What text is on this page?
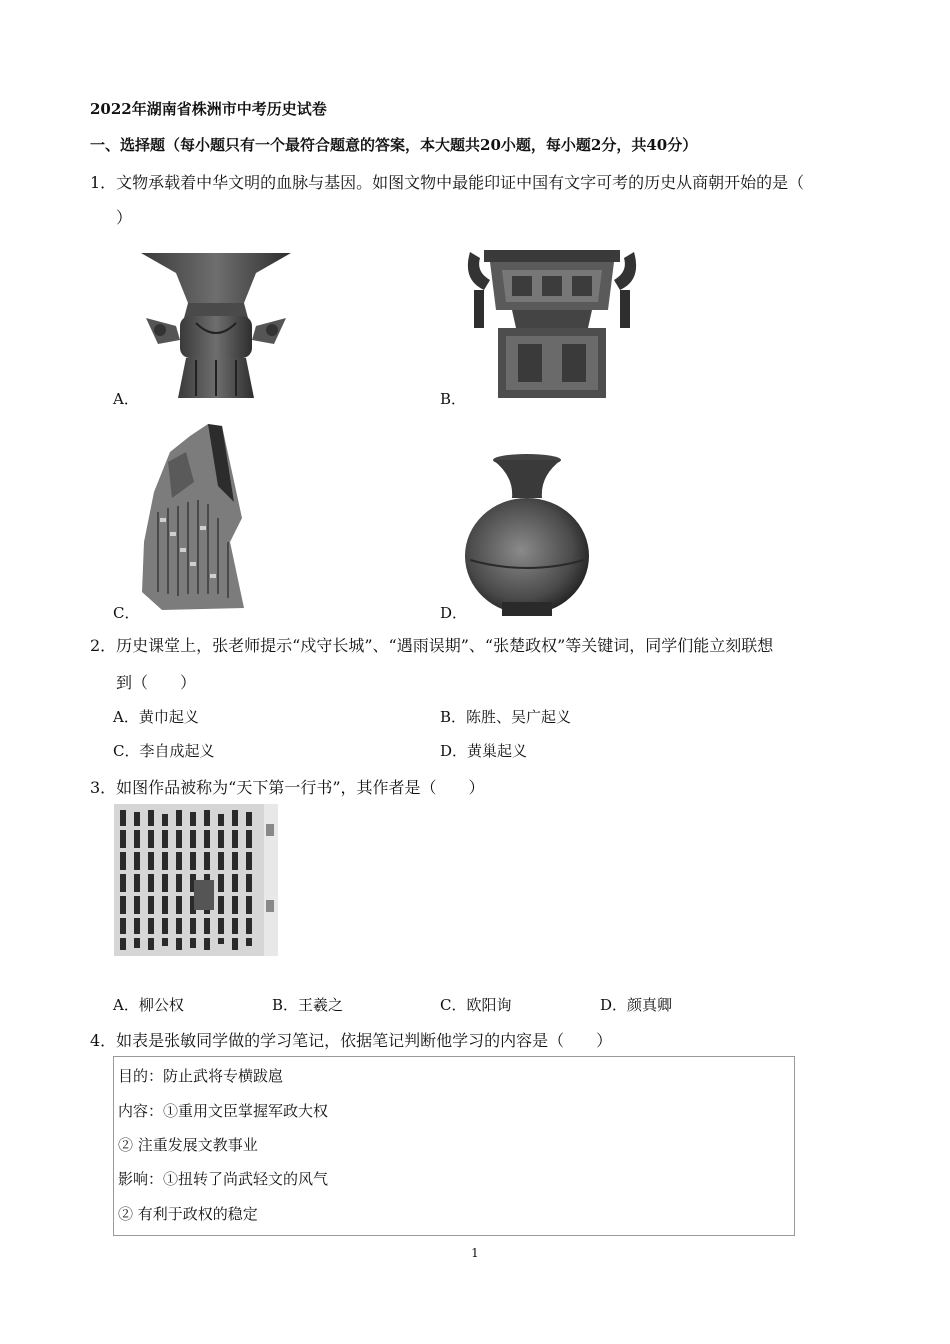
2022年湖南省株洲市中考历史试卷
一、选择题（每小题只有一个最符合题意的答案，本大题共20小题，每小题2分，共40分）
1．文物承载着中华文明的血脉与基因。如图文物中最能印证中国有文字可考的历史从商朝开始的是（
）
A．	B．
C．	D．
2．历史课堂上，张老师提示“戍守长城”、“遇雨误期”、“张楚政权”等关键词，同学们能立刻联想
到（　　）
A．黄巾起义	B．陈胜、吴广起义
C．李自成起义	D．黄巢起义
3．如图作品被称为“天下第一行书”，其作者是（　　）
A．柳公权	B．王羲之	C．欧阳询	D．颜真卿
4．如表是张敏同学做的学习笔记，依据笔记判断他学习的内容是（　　）
目的：防止武将专横跋扈
内容：①重用文臣掌握军政大权
② 注重发展文教事业
影响：①扭转了尚武轻文的风气
② 有利于政权的稳定
1
